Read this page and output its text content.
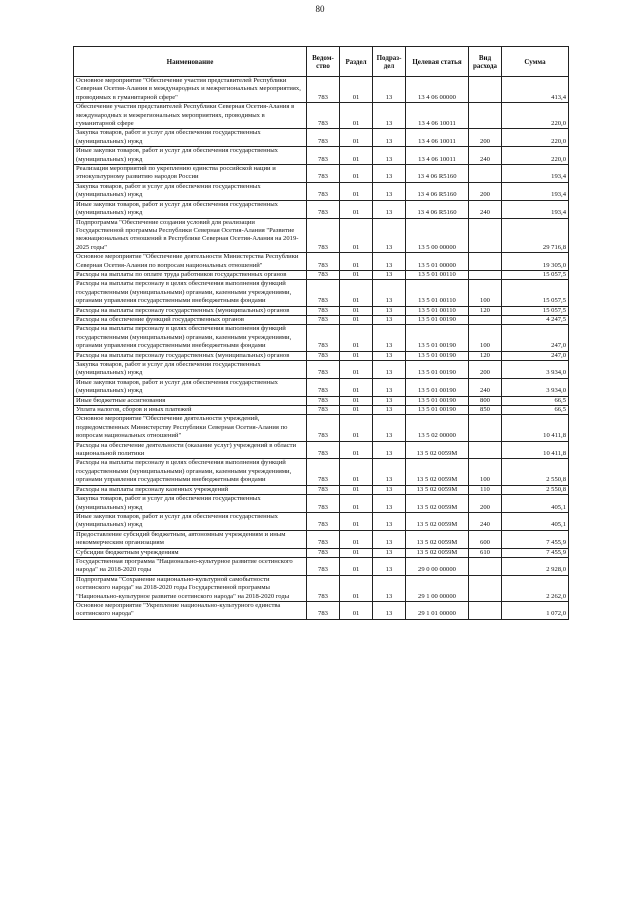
80
Наименование	Ведом-ство	Раздел	Подраз-дел	Целевая статья	Вид расхода	Сумма
Основное мероприятие "Обеспечение участия представителей Республики Северная Осетия-Алания в международных и межрегиональных мероприятиях, проводимых в гуманитарной сфере"	783	01	13	13 4 06 00000		413,4
Обеспечение участия представителей Республики Северная Осетия-Алания в международных и межрегиональных мероприятиях, проводимых в гуманитарной сфере	783	01	13	13 4 06 10011		220,0
Закупка товаров, работ и услуг для обеспечения государственных (муниципальных) нужд	783	01	13	13 4 06 10011	200	220,0
Иные закупки товаров, работ и услуг для обеспечения государственных (муниципальных) нужд	783	01	13	13 4 06 10011	240	220,0
Реализация мероприятий по укреплению единства российской нации и этнокультурному развитию народов России	783	01	13	13 4 06 R5160		193,4
Закупка товаров, работ и услуг для обеспечения государственных (муниципальных) нужд	783	01	13	13 4 06 R5160	200	193,4
Иные закупки товаров, работ и услуг для обеспечения государственных (муниципальных) нужд	783	01	13	13 4 06 R5160	240	193,4
Подпрограмма "Обеспечение создания условий для реализации Государственной программы Республики Северная Осетия-Алания "Развитие межнациональных отношений в Республике Северная Осетия-Алания на 2019-2025 годы"	783	01	13	13 5 00 00000		29 716,8
Основное мероприятие "Обеспечение деятельности Министерства Республики Северная Осетия-Алания по вопросам национальных отношений"	783	01	13	13 5 01 00000		19 305,0
Расходы на выплаты по оплате труда работников государственных органов	783	01	13	13 5 01 00110		15 057,5
Расходы на выплаты персоналу в целях обеспечения выполнения функций государственными (муниципальными) органами, казенными учреждениями, органами управления государственными внебюджетными фондами	783	01	13	13 5 01 00110	100	15 057,5
Расходы на выплаты персоналу государственных (муниципальных) органов	783	01	13	13 5 01 00110	120	15 057,5
Расходы на обеспечение функций государственных органов	783	01	13	13 5 01 00190		4 247,5
Расходы на выплаты персоналу в целях обеспечения выполнения функций государственными (муниципальными) органами, казенными учреждениями, органами управления государственными внебюджетными фондами	783	01	13	13 5 01 00190	100	247,0
Расходы на выплаты персоналу государственных (муниципальных) органов	783	01	13	13 5 01 00190	120	247,0
Закупка товаров, работ и услуг для обеспечения государственных (муниципальных) нужд	783	01	13	13 5 01 00190	200	3 934,0
Иные закупки товаров, работ и услуг для обеспечения государственных (муниципальных) нужд	783	01	13	13 5 01 00190	240	3 934,0
Иные бюджетные ассигнования	783	01	13	13 5 01 00190	800	66,5
Уплата налогов, сборов и иных платежей	783	01	13	13 5 01 00190	850	66,5
Основное мероприятие "Обеспечение деятельности учреждений, подведомственных Министерству Республики Северная Осетия-Алания по вопросам национальных отношений"	783	01	13	13 5 02 00000		10 411,8
Расходы на обеспечение деятельности (оказание услуг) учреждений в области национальной политики	783	01	13	13 5 02 0059М		10 411,8
Расходы на выплаты персоналу в целях обеспечения выполнения функций государственными (муниципальными) органами, казенными учреждениями, органами управления государственными внебюджетными фондами	783	01	13	13 5 02 0059М	100	2 550,8
Расходы на выплаты персоналу казенных учреждений	783	01	13	13 5 02 0059М	110	2 550,8
Закупка товаров, работ и услуг для обеспечения государственных (муниципальных) нужд	783	01	13	13 5 02 0059М	200	405,1
Иные закупки товаров, работ и услуг для обеспечения государственных (муниципальных) нужд	783	01	13	13 5 02 0059М	240	405,1
Предоставление субсидий бюджетным, автономным учреждениям и иным некоммерческим организациям	783	01	13	13 5 02 0059М	600	7 455,9
Субсидии бюджетным учреждениям	783	01	13	13 5 02 0059М	610	7 455,9
Государственная программа "Национально-культурное развитие осетинского народа" на 2018-2020 годы	783	01	13	29 0 00 00000		2 928,0
Подпрограмма "Сохранение национально-культурной самобытности осетинского народа" на 2018-2020 годы Государственной программы "Национально-культурное развитие осетинского народа" на 2018-2020 годы	783	01	13	29 1 00 00000		2 262,0
Основное мероприятие "Укрепление национально-культурного единства осетинского народа"	783	01	13	29 1 01 00000		1 072,0
